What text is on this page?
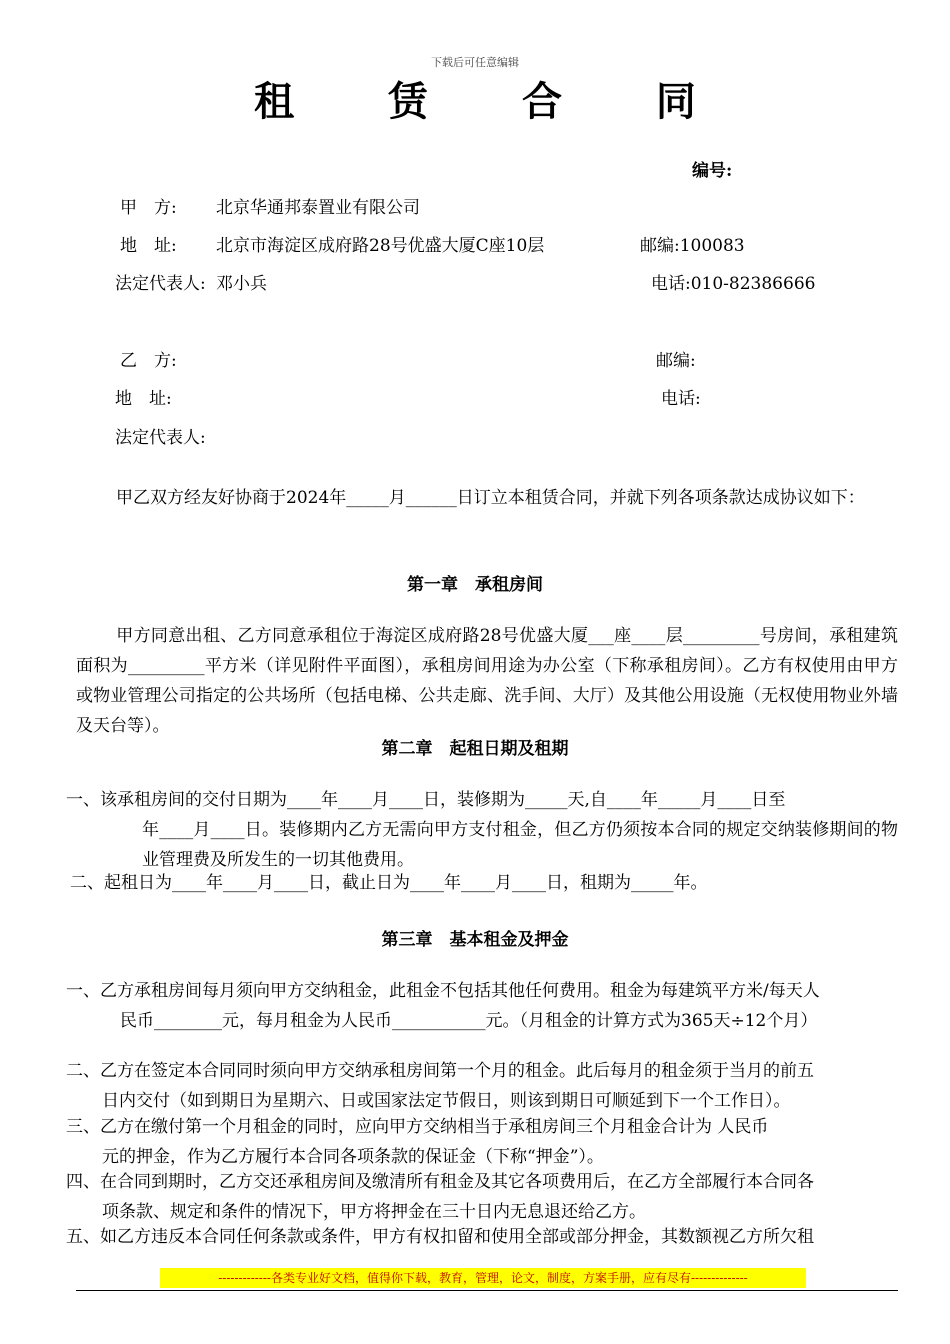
下载后可任意编辑
租 赁 合 同
编号:
甲　方: 北京华通邦泰置业有限公司
地　址: 北京市海淀区成府路28号优盛大厦C座10层	邮编:100083
法定代表人: 邓小兵	电话:010-82386666
乙　方:	邮编:
地　址:	电话:
法定代表人:
甲乙双方经友好协商于2024年_____月______日订立本租赁合同，并就下列各项条款达成协议如下：
第一章　承租房间
甲方同意出租、乙方同意承租位于海淀区成府路28号优盛大厦___座____层_________号房间，承租建筑面积为_________平方米（详见附件平面图），承租房间用途为办公室（下称承租房间）。乙方有权使用由甲方或物业管理公司指定的公共场所（包括电梯、公共走廊、洗手间、大厅）及其他公用设施（无权使用物业外墙及天台等）。
第二章　起租日期及租期
一、该承租房间的交付日期为____年____月____日，装修期为_____天,自____年_____月____日至
年____月____日。装修期内乙方无需向甲方支付租金，但乙方仍须按本合同的规定交纳装修期间的物业管理费及所发生的一切其他费用。
二、起租日为____年____月____日，截止日为____年____月____日，租期为_____年。
第三章　基本租金及押金
一、乙方承租房间每月须向甲方交纳租金，此租金不包括其他任何费用。租金为每建筑平方米/每天人
民币________元，每月租金为人民币___________元。（月租金的计算方式为365天÷12个月）
二、乙方在签定本合同同时须向甲方交纳承租房间第一个月的租金。此后每月的租金须于当月的前五
日内交付（如到期日为星期六、日或国家法定节假日，则该到期日可顺延到下一个工作日）。
三、乙方在缴付第一个月租金的同时，应向甲方交纳相当于承租房间三个月租金合计为 人民币
元的押金，作为乙方履行本合同各项条款的保证金（下称“押金”）。
四、在合同到期时，乙方交还承租房间及缴清所有租金及其它各项费用后，在乙方全部履行本合同各
项条款、规定和条件的情况下，甲方将押金在三十日内无息退还给乙方。
五、如乙方违反本合同任何条款或条件，甲方有权扣留和使用全部或部分押金，其数额视乙方所欠租
-------------各类专业好文档，值得你下载，教育，管理，论文，制度，方案手册，应有尽有--------------
